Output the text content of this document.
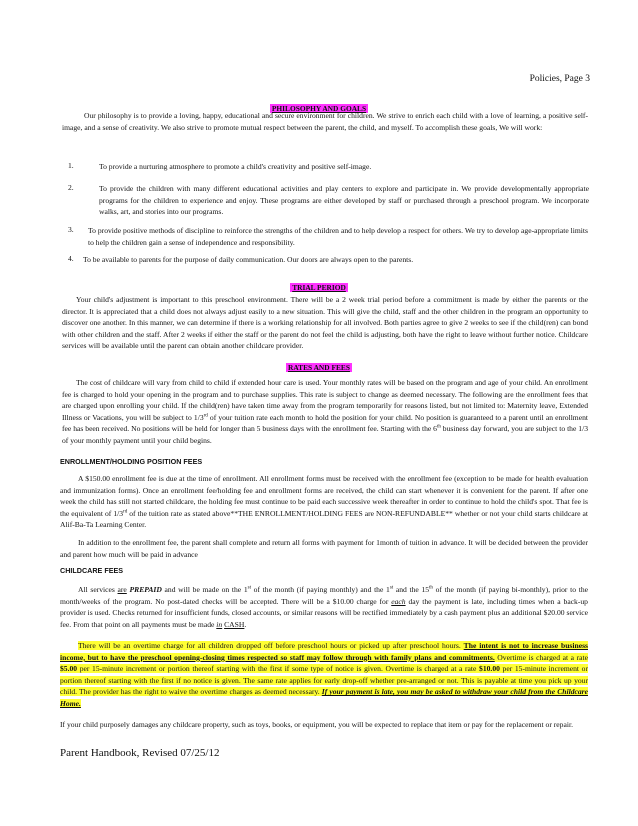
Policies, Page 3
PHILOSOPHY AND GOALS

Our philosophy is to provide a loving, happy, educational and secure environment for children. We strive to enrich each child with a love of learning, a positive self-image, and a sense of creativity. We also strive to promote mutual respect between the parent, the child, and myself. To accomplish these goals, We will work:

1.	To provide a nurturing atmosphere to promote a child's creativity and positive self-image.

2.	To provide the children with many different educational activities and play centers to explore and participate in. We provide developmentally appropriate programs for the children to experience and enjoy. These programs are either developed by staff or purchased through a preschool program. We incorporate walks, art, and stories into our programs.

3. To provide positive methods of discipline to reinforce the strengths of the children and to help develop a respect for others. We try to develop age-appropriate limits to help the children gain a sense of independence and responsibility.

4. To be available to parents for the purpose of daily communication. Our doors are always open to the parents.

TRIAL PERIOD

Your child's adjustment is important to this preschool environment. There will be a 2 week trial period before a commitment is made by either the parents or the director. It is appreciated that a child does not always adjust easily to a new situation. This will give the child, staff and the other children in the program an opportunity to discover one another. In this manner, we can determine if there is a working relationship for all involved. Both parties agree to give 2 weeks to see if the child(ren) can bond with other children and the staff. After 2 weeks if either the staff or the parent do not feel the child is adjusting, both have the right to leave without further notice. Childcare services will be available until the parent can obtain another childcare provider.

RATES AND FEES

The cost of childcare will vary from child to child if extended hour care is used. Your monthly rates will be based on the program and age of your child. An enrollment fee is charged to hold your opening in the program and to purchase supplies. This rate is subject to change as deemed necessary. The following are the enrollment fees that are charged upon enrolling your child. If the child(ren) have taken time away from the program temporarily for reasons listed, but not limited to: Maternity leave, Extended Illness or Vacations, you will be subject to 1/3rd of your tuition rate each month to hold the position for your child. No position is guaranteed to a parent until an enrollment fee has been received. No positions will be held for longer than 5 business days with the enrollment fee. Starting with the 6th business day forward, you are subject to the 1/3 of your monthly payment until your child begins.

ENROLLMENT/HOLDING POSITION FEES

A $150.00 enrollment fee is due at the time of enrollment. All enrollment forms must be received with the enrollment fee (exception to be made for health evaluation and immunization forms). Once an enrollment fee/holding fee and enrollment forms are received, the child can start whenever it is convenient for the parent. If after one week the child has still not started childcare, the holding fee must continue to be paid each successive week thereafter in order to continue to hold the child's spot. That fee is the equivalent of 1/3rd of the tuition rate as stated above**THE ENROLLMENT/HOLDING FEES are NON-REFUNDABLE** whether or not your child starts childcare at Alif-Ba-Ta Learning Center.

In addition to the enrollment fee, the parent shall complete and return all forms with payment for 1month of tuition in advance. It will be decided between the provider and parent how much will be paid in advance

CHILDCARE FEES

All services are PREPAID and will be made on the 1st of the month (if paying monthly) and the 1st and the 15th of the month (if paying bi-monthly), prior to the month/weeks of the program. No post-dated checks will be accepted. There will be a $10.00 charge for each day the payment is late, including times when a back-up provider is used. Checks returned for insufficient funds, closed accounts, or similar reasons will be rectified immediately by a cash payment plus an additional $20.00 service fee. From that point on all payments must be made in CASH.

There will be an overtime charge for all children dropped off before preschool hours or picked up after preschool hours. The intent is not to increase business income, but to have the preschool opening-closing times respected so staff may follow through with family plans and commitments. Overtime is charged at a rate $5.00 per 15-minute increment or portion thereof starting with the first if some type of notice is given. Overtime is charged at a rate $10.00 per 15-minute increment or portion thereof starting with the first if no notice is given. The same rate applies for early drop-off whether pre-arranged or not. This is payable at time you pick up your child. The provider has the right to waive the overtime charges as deemed necessary. If your payment is late, you may be asked to withdraw your child from the Childcare Home.

If your child purposely damages any childcare property, such as toys, books, or equipment, you will be expected to replace that item or pay for the replacement or repair.

Parent Handbook, Revised 07/25/12
